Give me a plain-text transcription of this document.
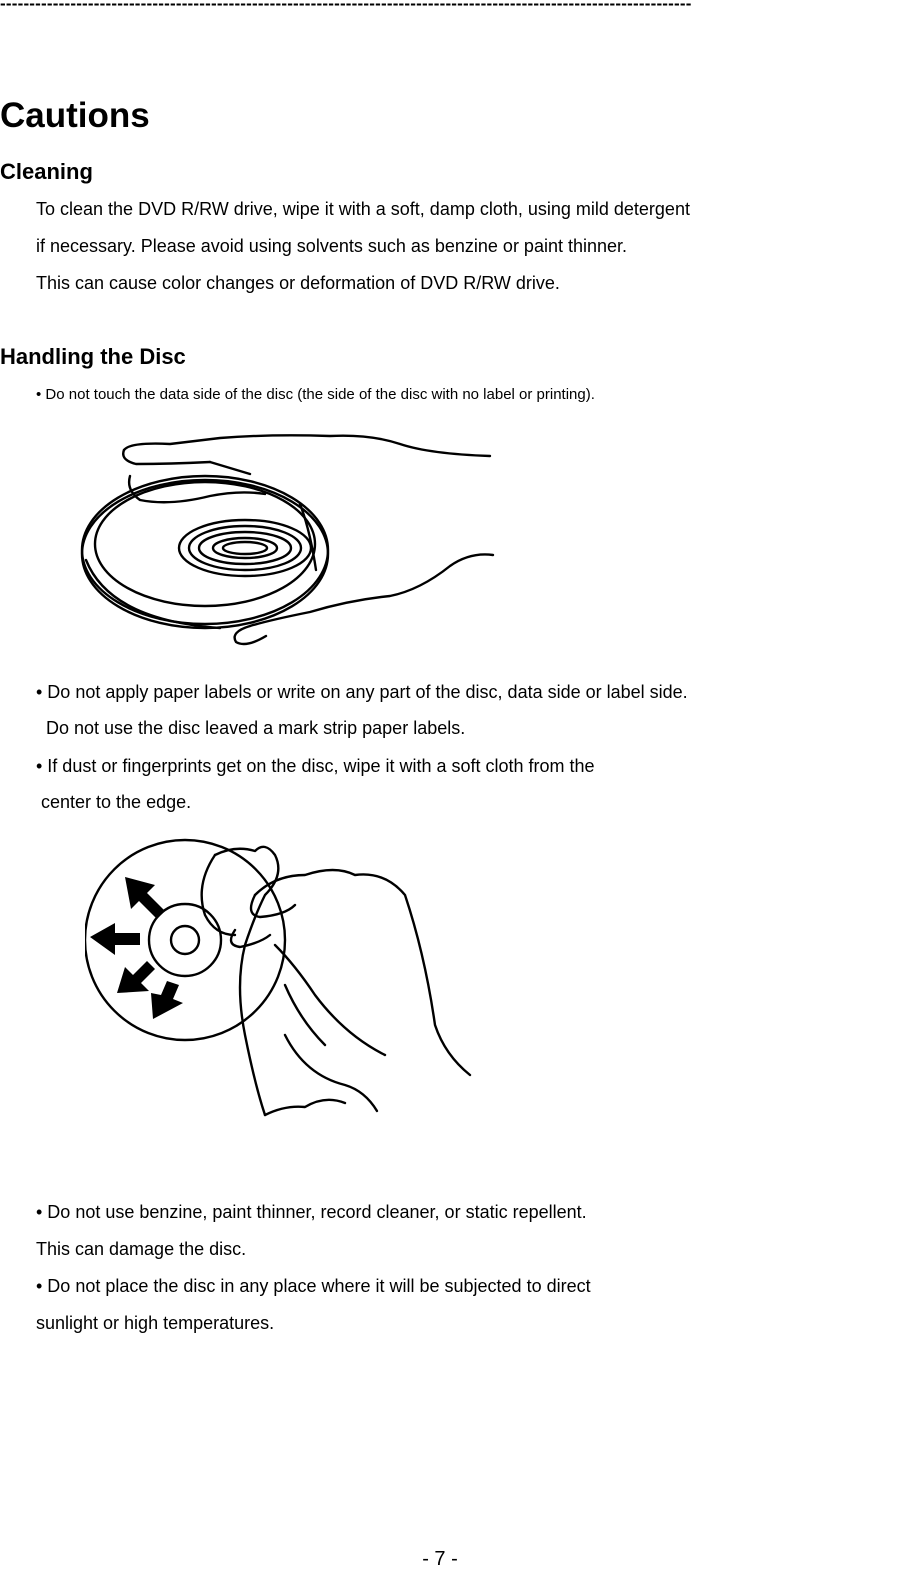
----------------------------------------------------------------------------------------------------------------------
Cautions
Cleaning
To clean the DVD R/RW drive, wipe it with a soft, damp cloth, using mild detergent
if necessary. Please avoid using solvents such as benzine or paint thinner.
This can cause color changes or deformation of DVD R/RW drive.
Handling the Disc
• Do not touch the data side of the disc (the side of the disc with no label or printing).
• Do not apply paper labels or write on any part of the disc, data side or label side.
Do not use the disc leaved a mark strip paper labels.
• If dust or fingerprints get on the disc, wipe it with a soft cloth from the
center to the edge.
• Do not use benzine, paint thinner, record cleaner, or static repellent.
This can damage the disc.
• Do not place the disc in any place where it will be subjected to direct
sunlight or high temperatures.
- 7 -
